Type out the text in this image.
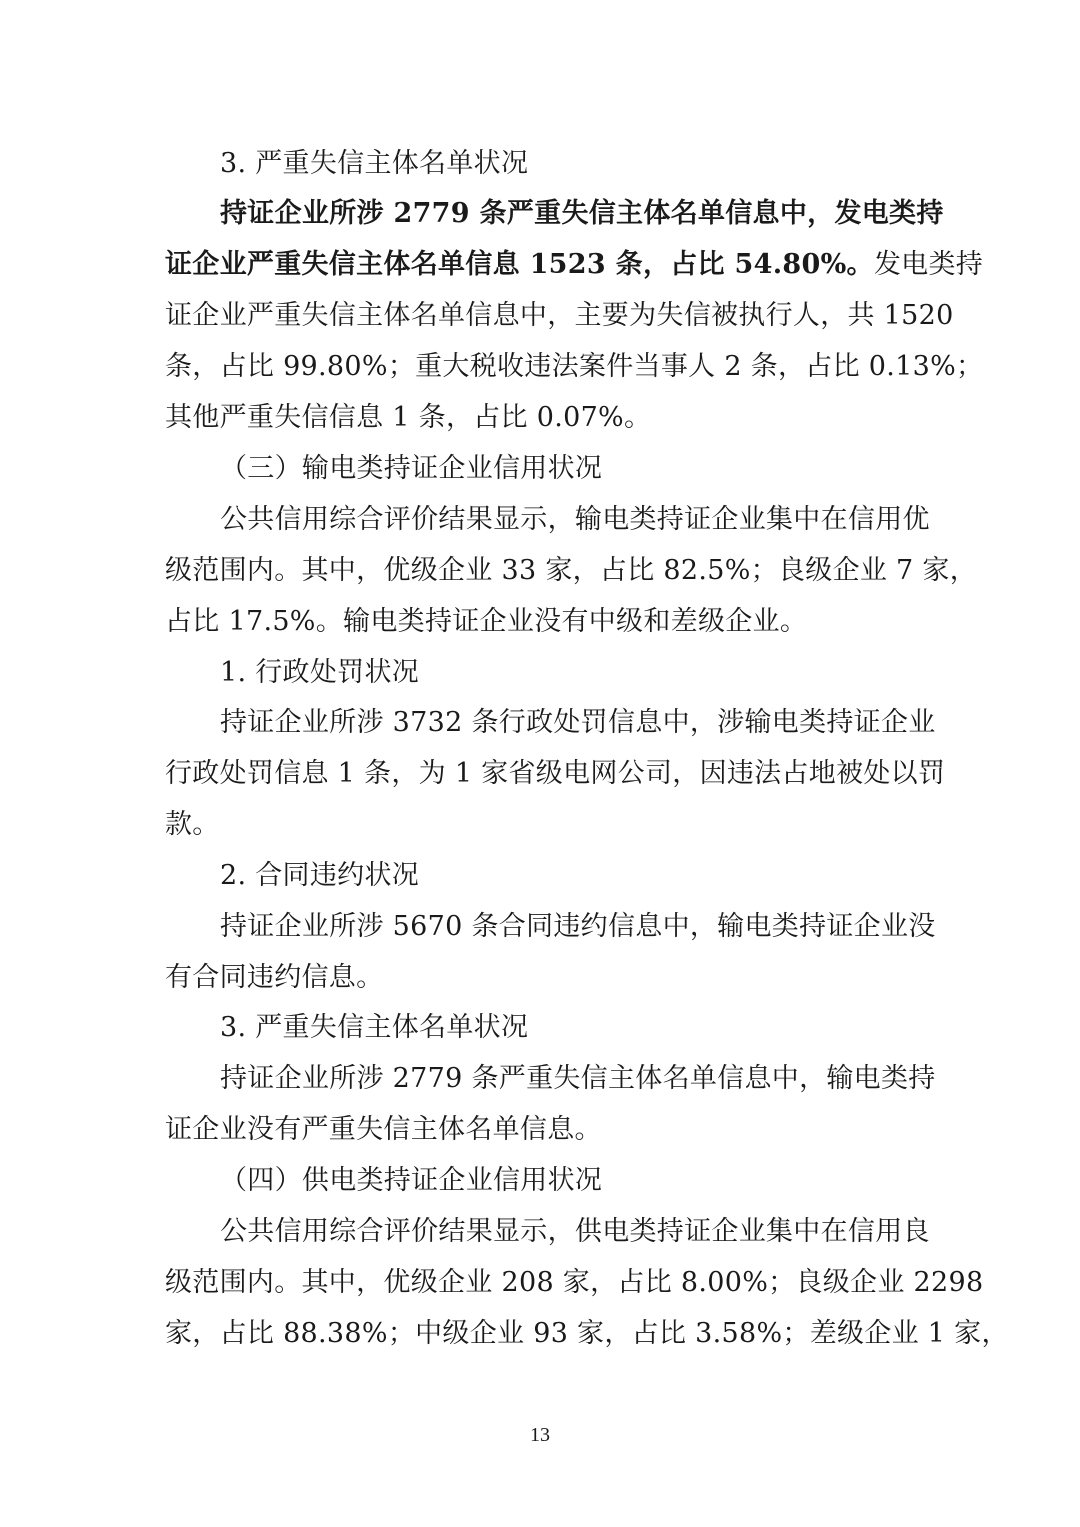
3. 严重失信主体名单状况
持证企业所涉 2779 条严重失信主体名单信息中，发电类持
证企业严重失信主体名单信息 1523 条，占比 54.80%。发电类持
证企业严重失信主体名单信息中，主要为失信被执行人，共 1520
条，占比 99.80%；重大税收违法案件当事人 2 条，占比 0.13%；
其他严重失信信息 1 条，占比 0.07%。
（三）输电类持证企业信用状况
公共信用综合评价结果显示，输电类持证企业集中在信用优
级范围内。其中，优级企业 33 家，占比 82.5%；良级企业 7 家，
占比 17.5%。输电类持证企业没有中级和差级企业。
1. 行政处罚状况
持证企业所涉 3732 条行政处罚信息中，涉输电类持证企业
行政处罚信息 1 条，为 1 家省级电网公司，因违法占地被处以罚
款。
2. 合同违约状况
持证企业所涉 5670 条合同违约信息中，输电类持证企业没
有合同违约信息。
3. 严重失信主体名单状况
持证企业所涉 2779 条严重失信主体名单信息中，输电类持
证企业没有严重失信主体名单信息。
（四）供电类持证企业信用状况
公共信用综合评价结果显示，供电类持证企业集中在信用良
级范围内。其中，优级企业 208 家，占比 8.00%；良级企业 2298
家，占比 88.38%；中级企业 93 家，占比 3.58%；差级企业 1 家，
13
